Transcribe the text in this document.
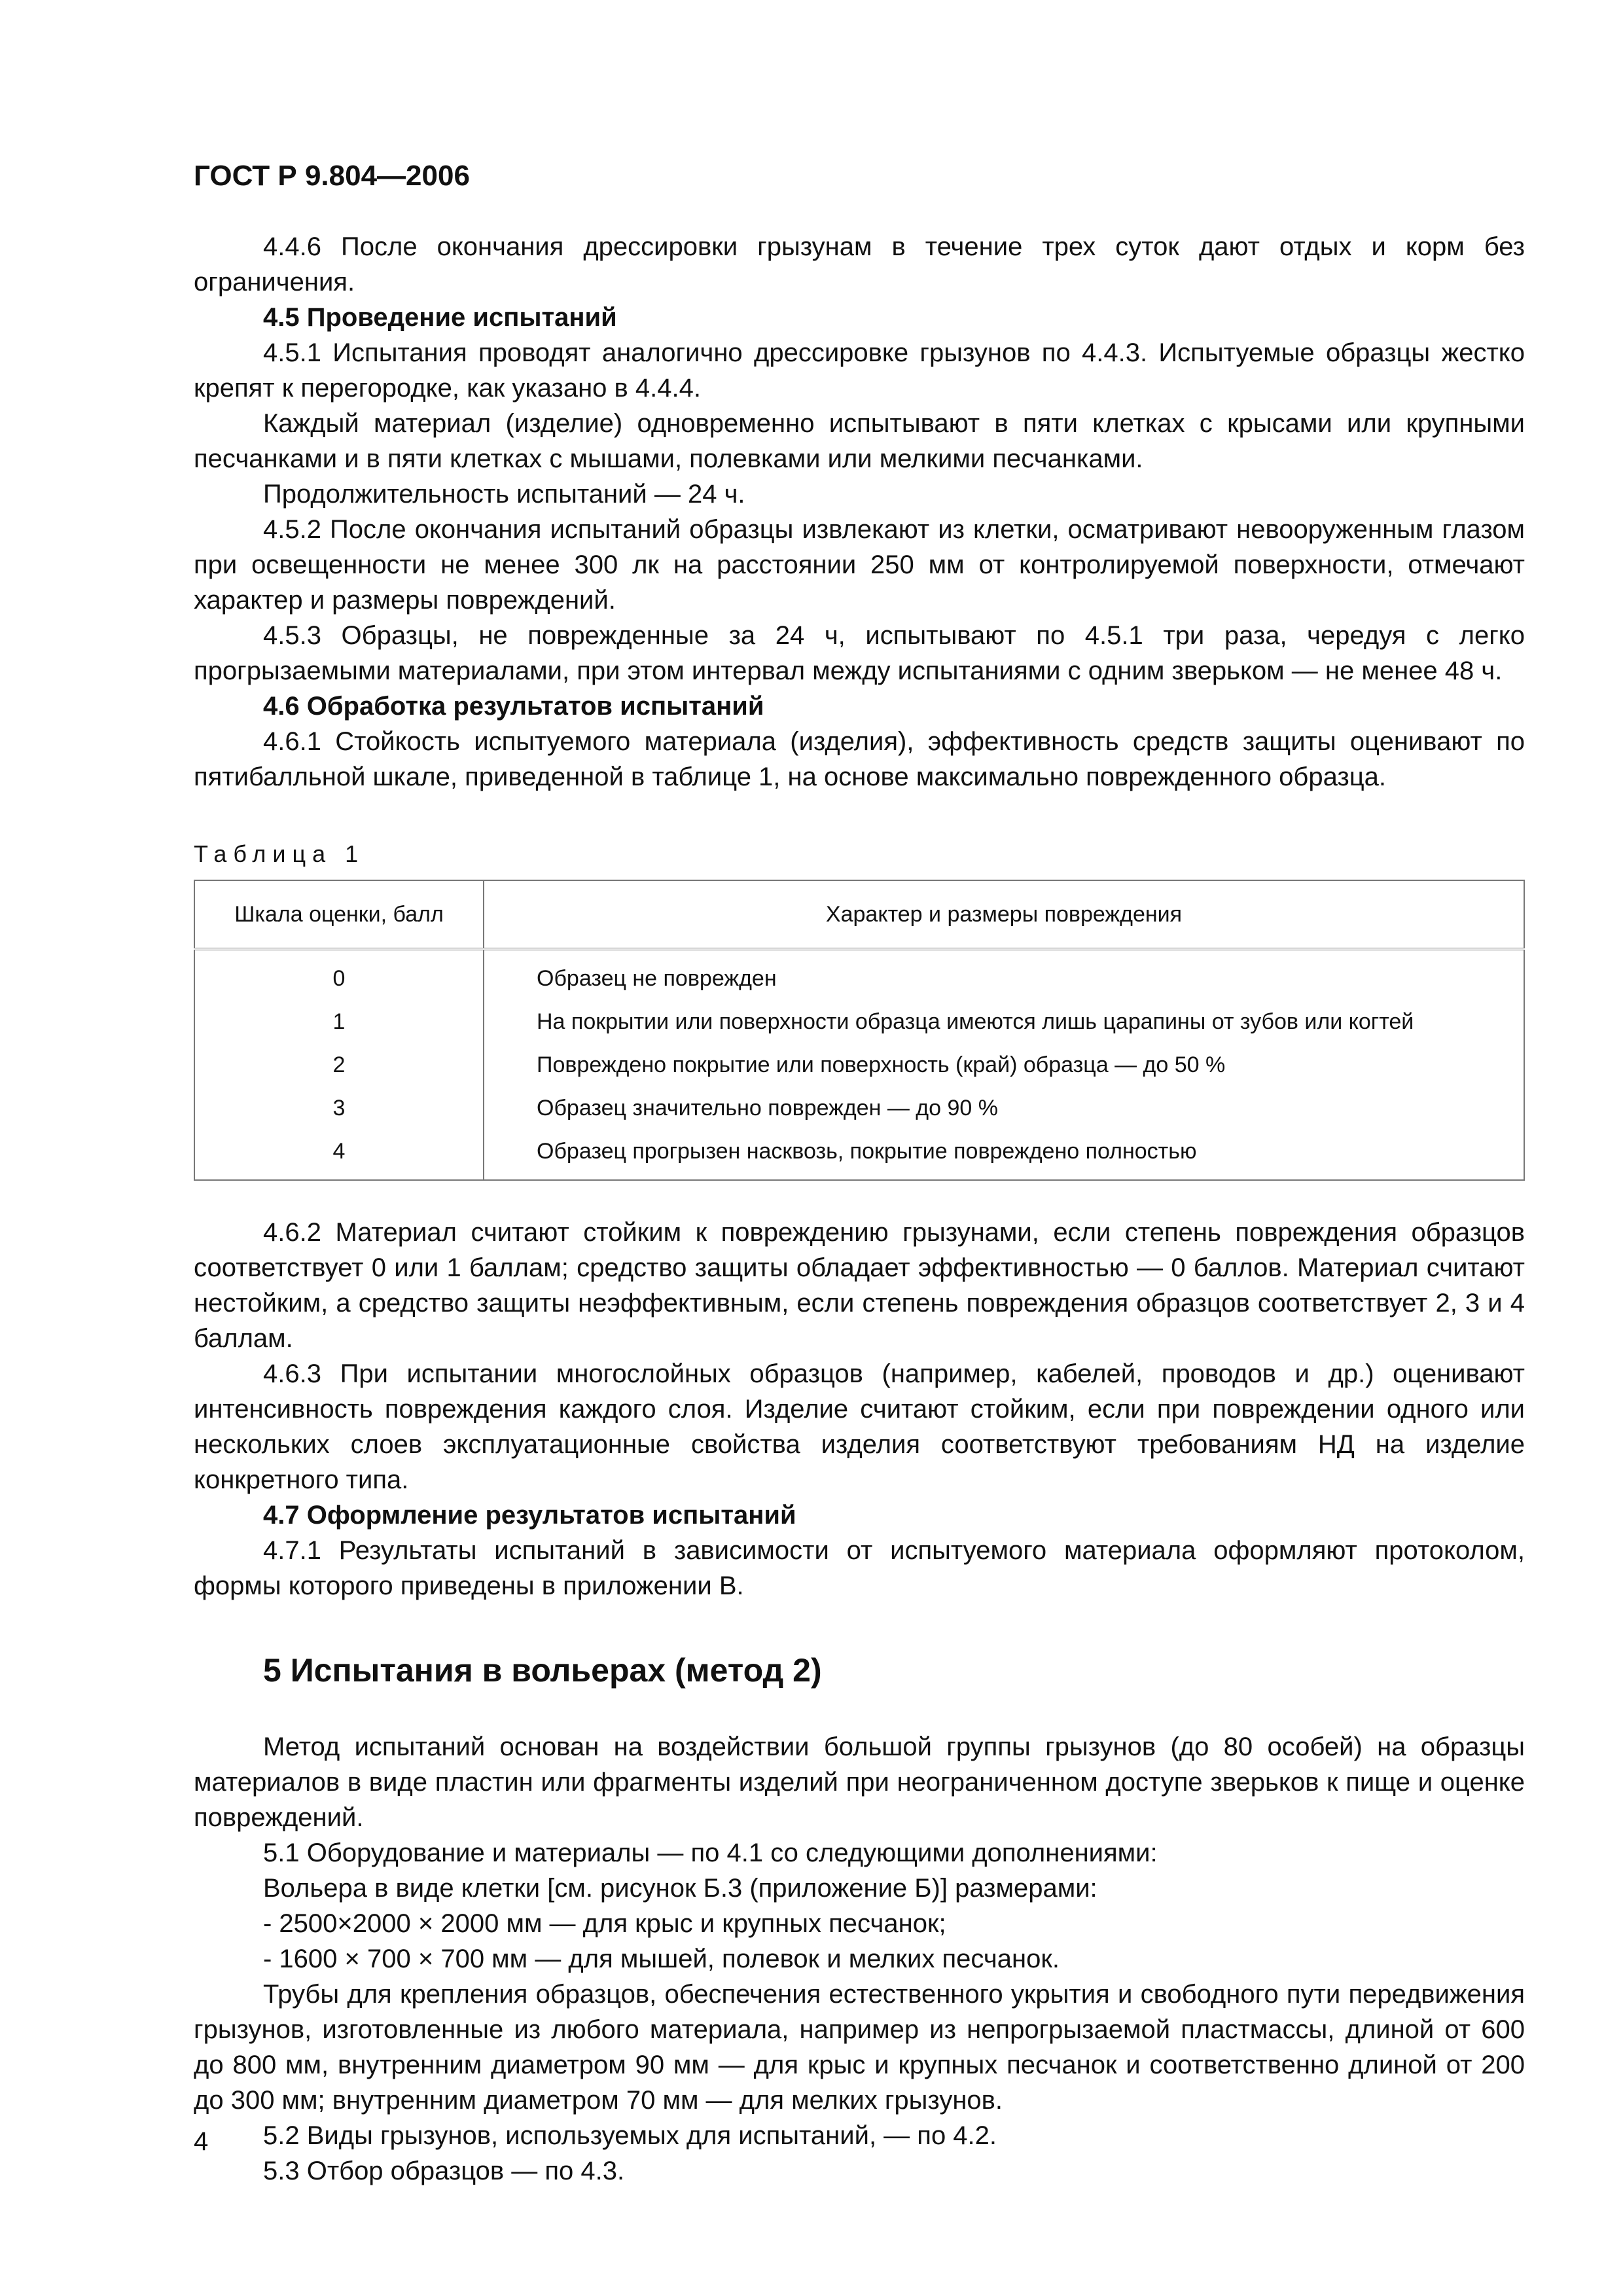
ГОСТ Р 9.804—2006

4.4.6 После окончания дрессировки грызунам в течение трех суток дают отдых и корм без ограничения.

4.5 Проведение испытаний

4.5.1 Испытания проводят аналогично дрессировке грызунов по 4.4.3. Испытуемые образцы жестко крепят к перегородке, как указано в 4.4.4.

Каждый материал (изделие) одновременно испытывают в пяти клетках с крысами или крупными песчанками и в пяти клетках с мышами, полевками или мелкими песчанками.

Продолжительность испытаний — 24 ч.

4.5.2 После окончания испытаний образцы извлекают из клетки, осматривают невооруженным глазом при освещенности не менее 300 лк на расстоянии 250 мм от контролируемой поверхности, отмечают характер и размеры повреждений.

4.5.3 Образцы, не поврежденные за 24 ч, испытывают по 4.5.1 три раза, чередуя с легко прогрызаемыми материалами, при этом интервал между испытаниями с одним зверьком — не менее 48 ч.

4.6 Обработка результатов испытаний

4.6.1 Стойкость испытуемого материала (изделия), эффективность средств защиты оценивают по пятибалльной шкале, приведенной в таблице 1, на основе максимально поврежденного образца.

Таблица 1
Шкала оценки, балл	Характер и размеры повреждения
0	Образец не поврежден
1	На покрытии или поверхности образца имеются лишь царапины от зубов или когтей
2	Повреждено покрытие или поверхность (край) образца — до 50 %
3	Образец значительно поврежден — до 90 %
4	Образец прогрызен насквозь, покрытие повреждено полностью

4.6.2 Материал считают стойким к повреждению грызунами, если степень повреждения образцов соответствует 0 или 1 баллам; средство защиты обладает эффективностью — 0 баллов. Материал считают нестойким, а средство защиты неэффективным, если степень повреждения образцов соответствует 2, 3 и 4 баллам.

4.6.3 При испытании многослойных образцов (например, кабелей, проводов и др.) оценивают интенсивность повреждения каждого слоя. Изделие считают стойким, если при повреждении одного или нескольких слоев эксплуатационные свойства изделия соответствуют требованиям НД на изделие конкретного типа.

4.7 Оформление результатов испытаний

4.7.1 Результаты испытаний в зависимости от испытуемого материала оформляют протоколом, формы которого приведены в приложении В.

5 Испытания в вольерах (метод 2)

Метод испытаний основан на воздействии большой группы грызунов (до 80 особей) на образцы материалов в виде пластин или фрагменты изделий при неограниченном доступе зверьков к пище и оценке повреждений.

5.1 Оборудование и материалы — по 4.1 со следующими дополнениями:

Вольера в виде клетки [см. рисунок Б.3 (приложение Б)] размерами:

- 2500×2000 × 2000 мм — для крыс и крупных песчанок;

- 1600 × 700 × 700 мм — для мышей, полевок и мелких песчанок.

Трубы для крепления образцов, обеспечения естественного укрытия и свободного пути передвижения грызунов, изготовленные из любого материала, например из непрогрызаемой пластмассы, длиной от 600 до 800 мм, внутренним диаметром 90 мм — для крыс и крупных песчанок и соответственно длиной от 200 до 300 мм; внутренним диаметром 70 мм — для мелких грызунов.

5.2 Виды грызунов, используемых для испытаний, — по 4.2.

5.3 Отбор образцов — по 4.3.

4
